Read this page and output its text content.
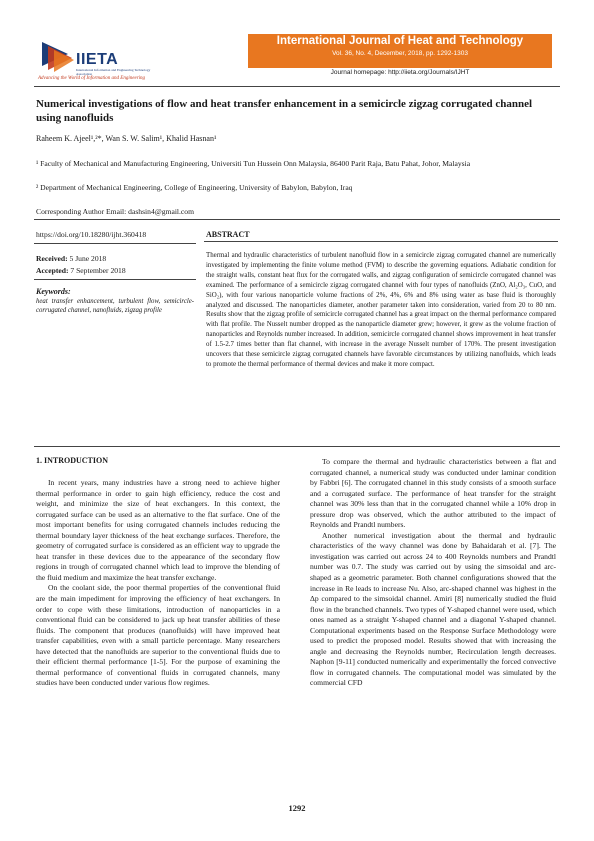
IIETA
International Information and Engineering Technology Association
Advancing the World of Information and Engineering
International Journal of Heat and Technology
Vol. 36, No. 4, December, 2018, pp. 1292-1303
Journal homepage: http://iieta.org/Journals/IJHT
Numerical investigations of flow and heat transfer enhancement in a semicircle zigzag corrugated channel using nanofluids
Raheem K. Ajeel¹,²*, Wan S. W. Salim¹, Khalid Hasnan¹
¹ Faculty of Mechanical and Manufacturing Engineering, Universiti Tun Hussein Onn Malaysia, 86400 Parit Raja, Batu Pahat, Johor, Malaysia
² Department of Mechanical Engineering, College of Engineering, University of Babylon, Babylon, Iraq
Corresponding Author Email: dashsin4@gmail.com
https://doi.org/10.18280/ijht.360418
Received: 5 June 2018
Accepted: 7 September 2018
Keywords:
heat transfer enhancement, turbulent flow, semicircle-corrugated channel, nanofluids, zigzag profile
ABSTRACT
Thermal and hydraulic characteristics of turbulent nanofluid flow in a semicircle zigzag corrugated channel are numerically investigated by implementing the finite volume method (FVM) to describe the governing equations. Adiabatic condition for the straight walls, constant heat flux for the corrugated walls, and zigzag configuration of semicircle corrugated channel was examined. The performance of a semicircle zigzag corrugated channel with four types of nanofluids (ZnO, Al₂O₃, CuO, and SiO₂), with four various nanoparticle volume fractions of 2%, 4%, 6% and 8% using water as base fluid is thoroughly analyzed and discussed. The nanoparticles diameter, another parameter taken into consideration, varied from 20 to 80 nm. Results show that the zigzag profile of semicircle corrugated channel has a great impact on the thermal performance compared with flat profile. The Nusselt number dropped as the nanoparticle diameter grew; however, it grew as the volume fraction of nanoparticles and Reynolds number increased. In addition, semicircle corrugated channel shows improvement in heat transfer of 1.5-2.7 times better than flat channel, with increase in the average Nusselt number of 170%. The present investigation uncovers that these semicircle zigzag corrugated channels have favorable circumstances by utilizing nanofluids, which leads to promote the thermal performance of thermal devices and make it more compact.
1. INTRODUCTION

In recent years, many industries have a strong need to achieve higher thermal performance in order to gain high efficiency, reduce the cost and weight, and minimize the size of heat exchangers. In this context, the corrugated surface can be used as an alternative to the flat surface. One of the most important benefits for using corrugated channels includes reducing the thermal boundary layer thickness of the heat exchange surfaces. Therefore, the geometry of corrugated surface is considered as an efficient way to upgrade the heat transfer in these devices due to the appearance of the secondary flow regions in trough of corrugated channel which lead to improve the blending of the fluid medium and maximize the heat transfer exchange.

On the coolant side, the poor thermal properties of the conventional fluid are the main impediment for improving the efficiency of heat exchangers. In order to cope with these limitations, introduction of nanoparticles in a conventional fluid can be considered to jack up heat transfer abilities of these fluids. The component that produces (nanofluids) will have improved heat transfer capabilities, even with a small particle percentage. Many researchers have detected that the nanofluids are superior to the conventional fluids due to their efficient thermal performance [1-5]. For the purpose of examining the thermal performance of conventional fluids in corrugated channels, many studies have been conducted under various flow regimes.

To compare the thermal and hydraulic characteristics between a flat and corrugated channel, a numerical study was conducted under laminar condition by Fabbri [6]. The corrugated channel in this study consists of a smooth surface and a corrugated surface. The performance of heat transfer for the straight channel was 30% less than that in the corrugated channel while a 10% drop in pressure drop was observed, which the author attributed to the impact of Reynolds and Prandtl numbers.

Another numerical investigation about the thermal and hydraulic characteristics of the wavy channel was done by Bahaidarah et al. [7]. The investigation was carried out across 24 to 400 Reynolds numbers and Prandtl number was 0.7. The study was carried out by using the simsoidal and arc-shaped as a geometric parameter. Both channel configurations showed that the increase in Re leads to increase Nu. Also, arc-shaped channel was highest in the Δp compared to the simsoidal channel. Amiri [8] numerically studied the fluid flow in the branched channels. Two types of Y-shaped channel were used, which ones named as a straight Y-shaped channel and a diagonal Y-shaped channel. Computational experiments based on the Response Surface Methodology were used to predict the proposed model. Results showed that with increasing the angle and decreasing the Reynolds number, Recirculation length decreases. Naphon [9-11] conducted numerically and experimentally the forced convective flow in corrugated channels. The computational model was simulated by the commercial CFD

1292
